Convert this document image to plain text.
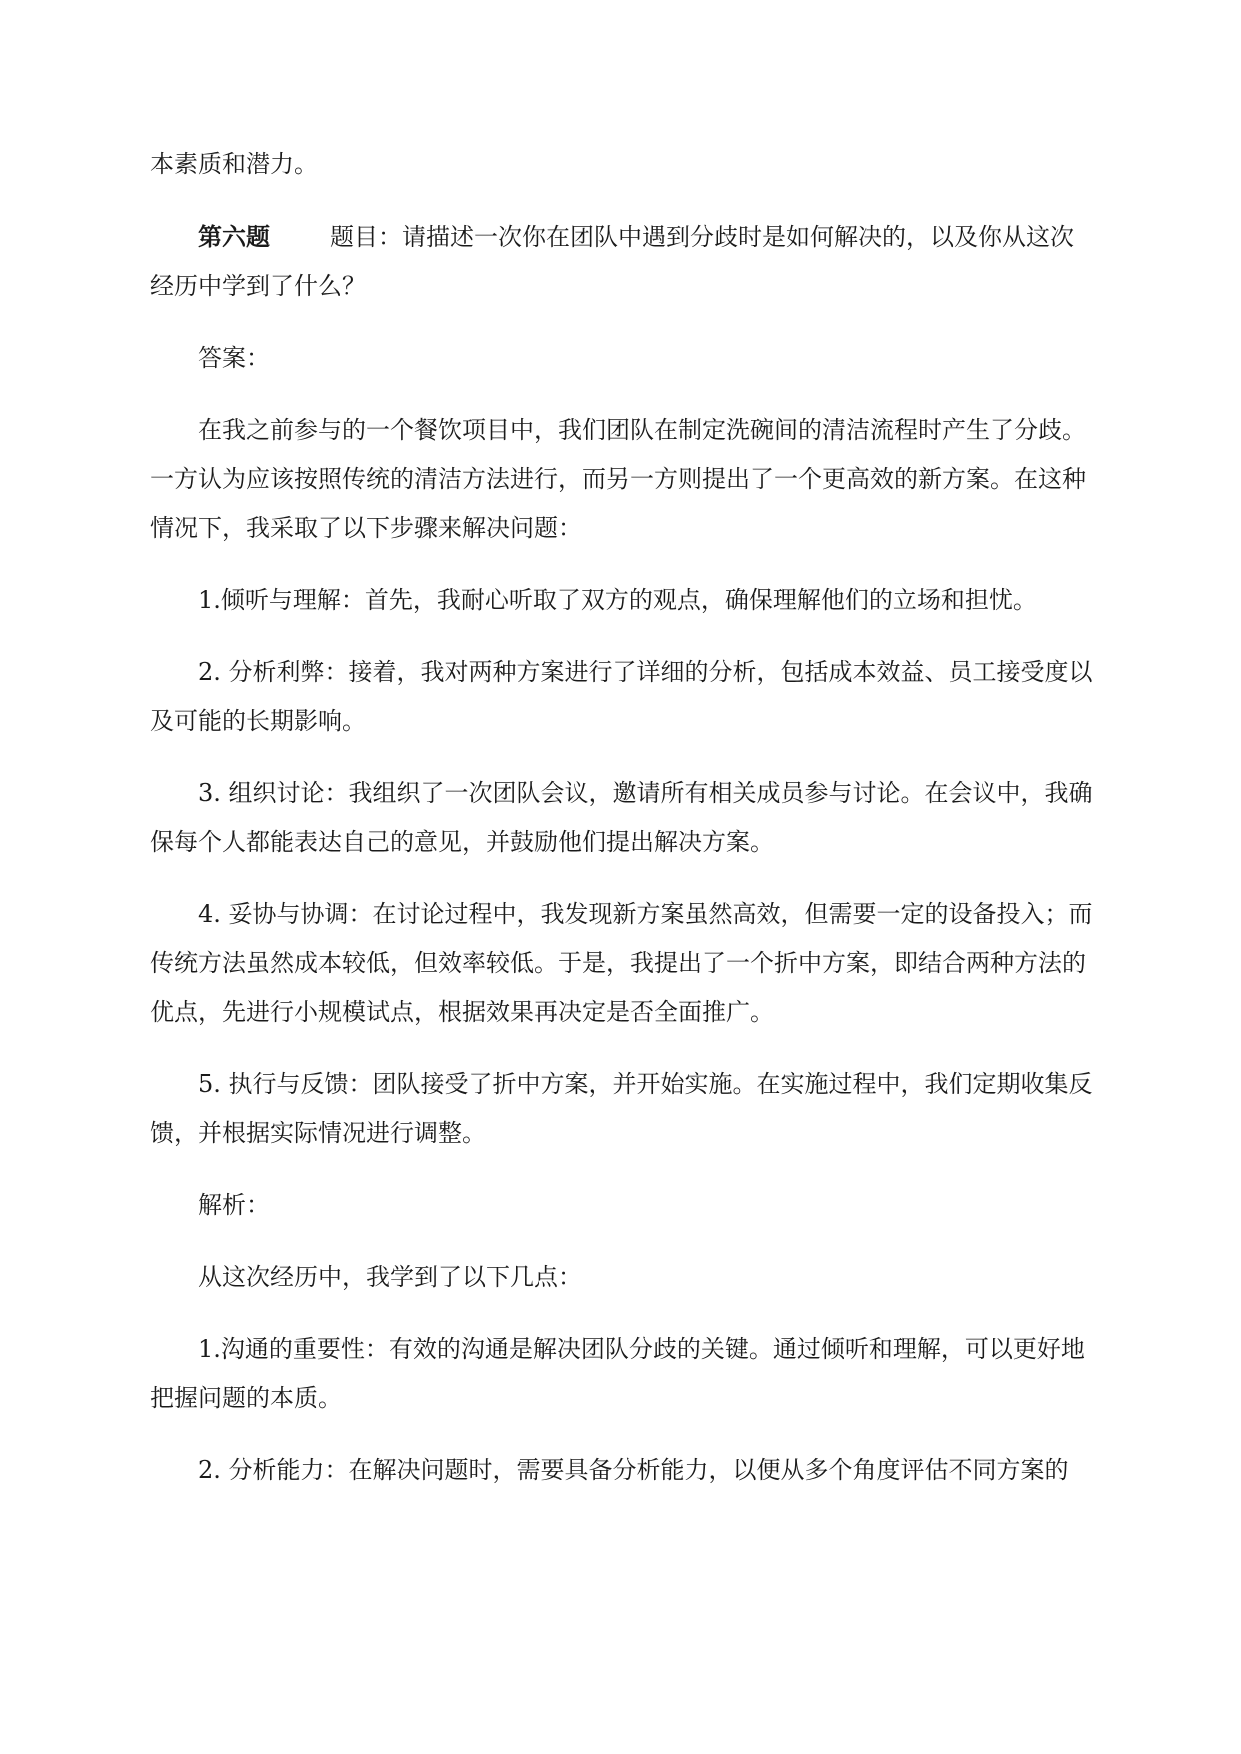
本素质和潜力。

第六题	题目：请描述一次你在团队中遇到分歧时是如何解决的，以及你从这次经历中学到了什么？

答案：

在我之前参与的一个餐饮项目中，我们团队在制定洗碗间的清洁流程时产生了分歧。一方认为应该按照传统的清洁方法进行，而另一方则提出了一个更高效的新方案。在这种情况下，我采取了以下步骤来解决问题：

1.倾听与理解：首先，我耐心听取了双方的观点，确保理解他们的立场和担忧。

2. 分析利弊：接着，我对两种方案进行了详细的分析，包括成本效益、员工接受度以及可能的长期影响。

3. 组织讨论：我组织了一次团队会议，邀请所有相关成员参与讨论。在会议中，我确保每个人都能表达自己的意见，并鼓励他们提出解决方案。

4. 妥协与协调：在讨论过程中，我发现新方案虽然高效，但需要一定的设备投入；而传统方法虽然成本较低，但效率较低。于是，我提出了一个折中方案，即结合两种方法的优点，先进行小规模试点，根据效果再决定是否全面推广。

5. 执行与反馈：团队接受了折中方案，并开始实施。在实施过程中，我们定期收集反馈，并根据实际情况进行调整。

解析：

从这次经历中，我学到了以下几点：

1.沟通的重要性：有效的沟通是解决团队分歧的关键。通过倾听和理解，可以更好地把握问题的本质。

2. 分析能力：在解决问题时，需要具备分析能力，以便从多个角度评估不同方案的
